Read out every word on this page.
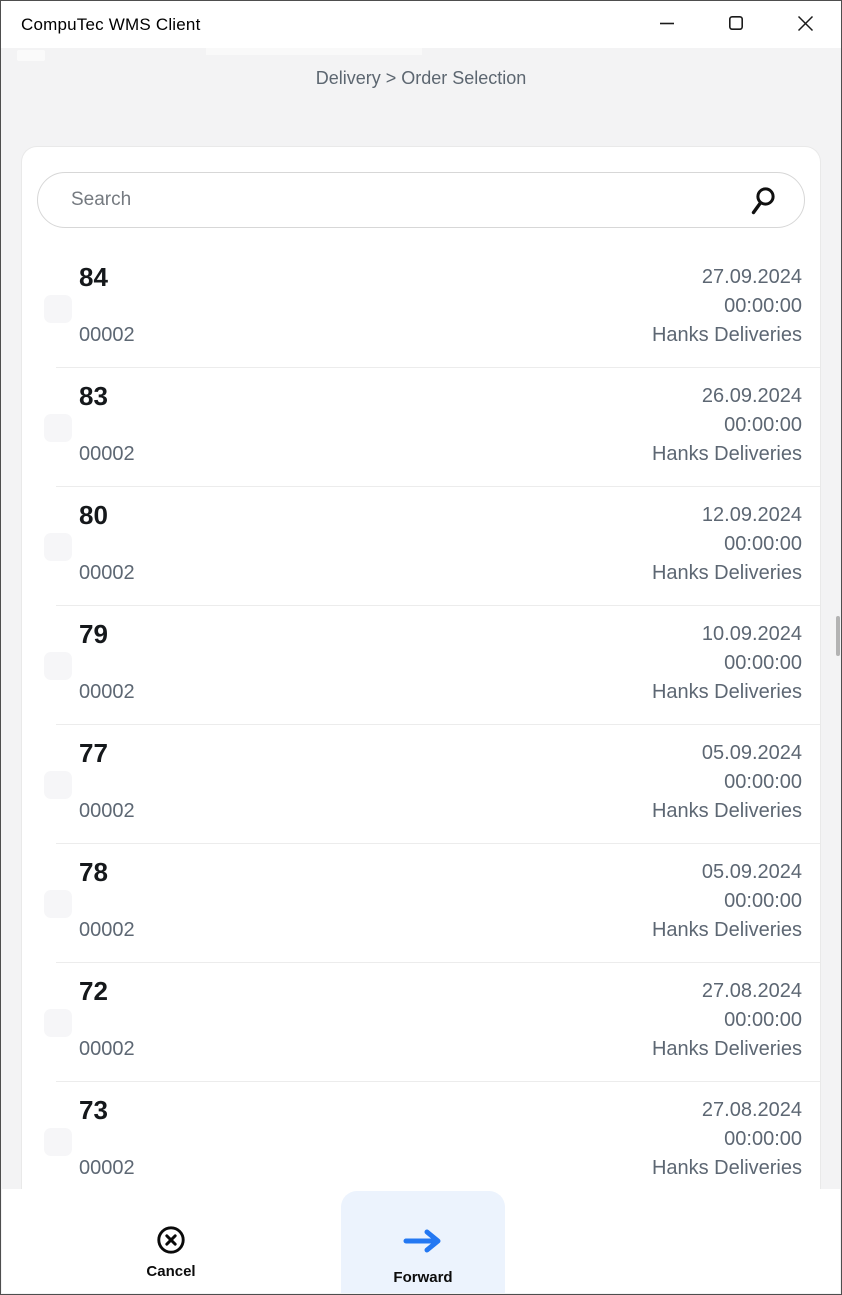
CompuTec WMS Client
Delivery > Order Selection
Search
84	27.09.2024
00:00:00
00002	Hanks Deliveries
83	26.09.2024
00:00:00
00002	Hanks Deliveries
80	12.09.2024
00:00:00
00002	Hanks Deliveries
79	10.09.2024
00:00:00
00002	Hanks Deliveries
77	05.09.2024
00:00:00
00002	Hanks Deliveries
78	05.09.2024
00:00:00
00002	Hanks Deliveries
72	27.08.2024
00:00:00
00002	Hanks Deliveries
73	27.08.2024
00:00:00
00002	Hanks Deliveries
Cancel	Forward
